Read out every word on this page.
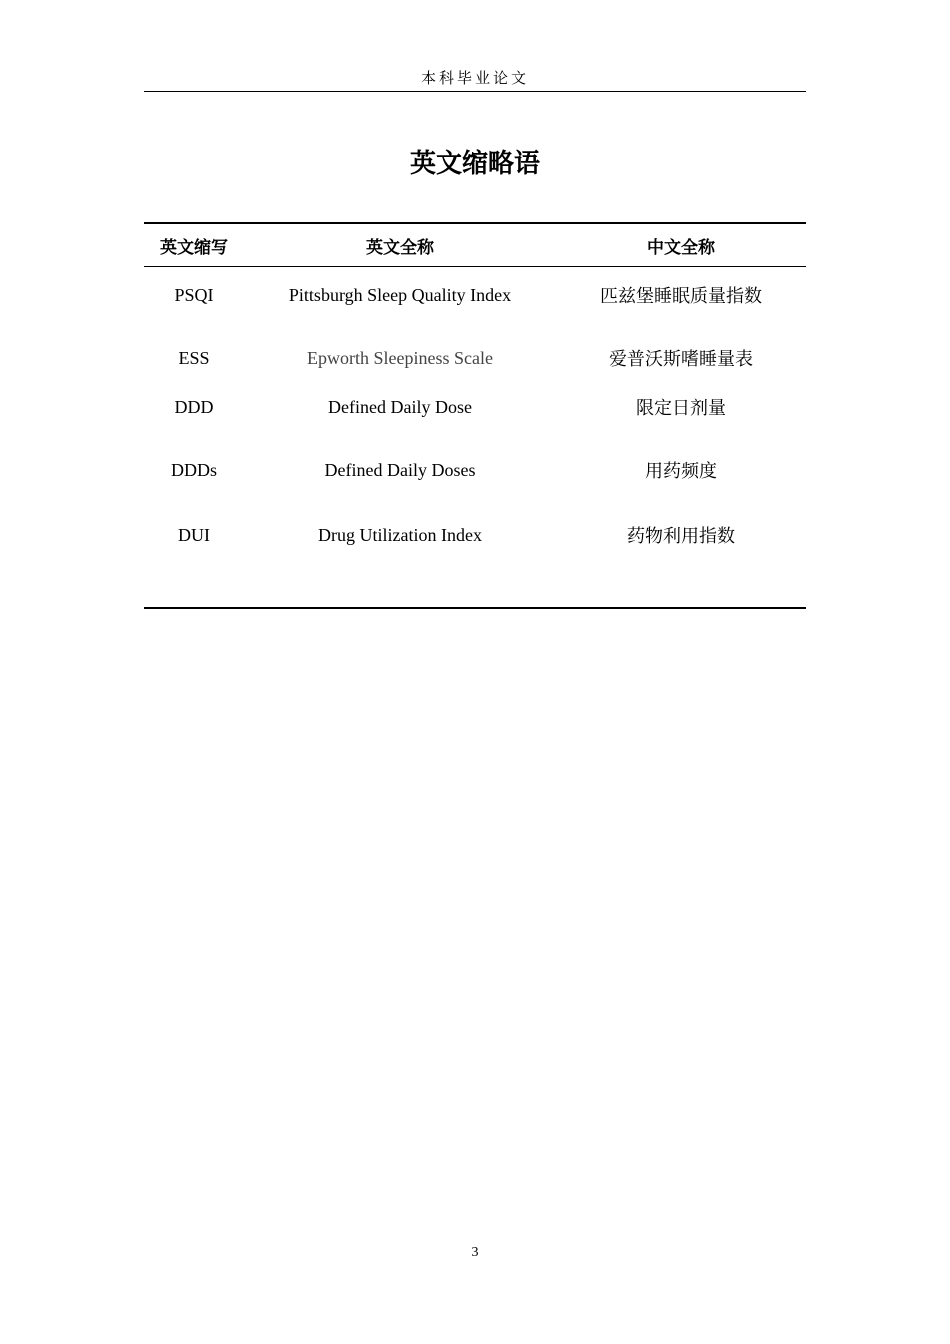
本科毕业论文
英文缩略语
英文缩写	英文全称	中文全称
PSQI	Pittsburgh Sleep Quality Index	匹兹堡睡眠质量指数
ESS	Epworth Sleepiness Scale	爱普沃斯嗜睡量表
DDD	Defined Daily Dose	限定日剂量
DDDs	Defined Daily Doses	用药频度
DUI	Drug Utilization Index	药物利用指数

3
